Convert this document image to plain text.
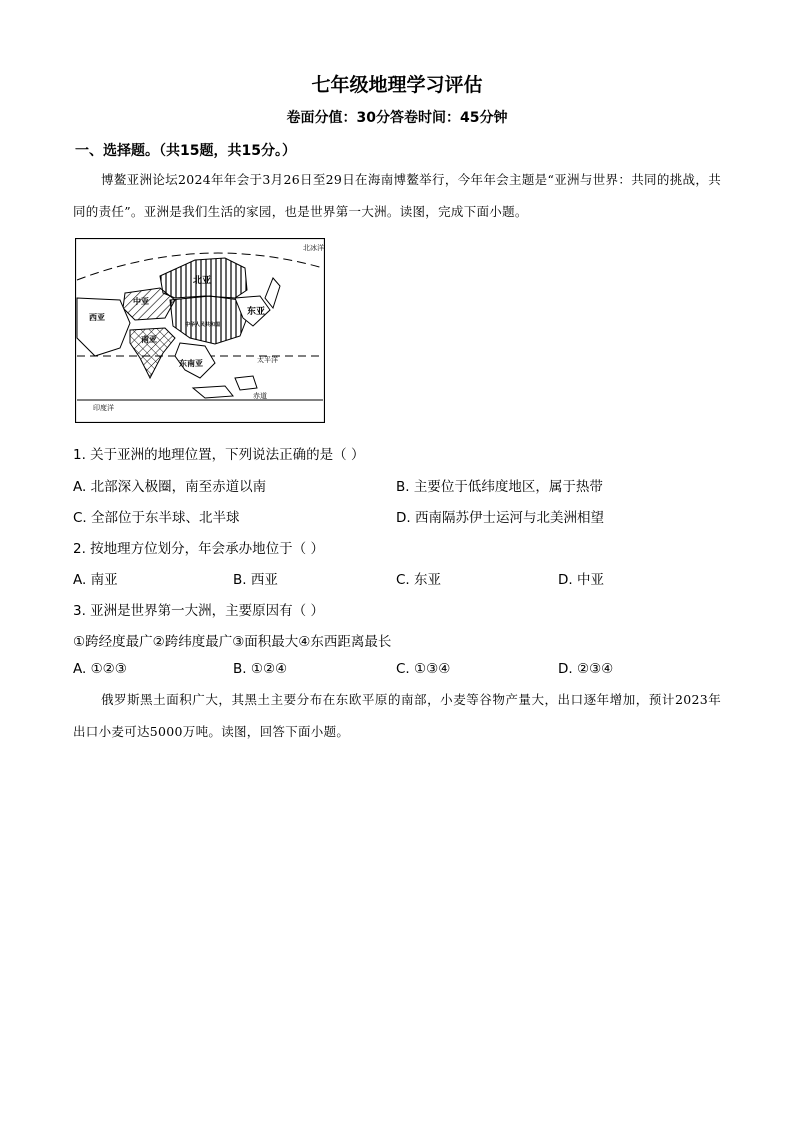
七年级地理学习评估
卷面分值：30分答卷时间：45分钟
一、选择题。（共15题，共15分。）
博鳌亚洲论坛2024年年会于3月26日至29日在海南博鳌举行，今年年会主题是“亚洲与世界：共同的挑战，共同的责任”。亚洲是我们生活的家园，也是世界第一大洲。读图，完成下面小题。
北冰洋
北亚
中亚
西亚
东亚
中华人民共和国
南亚
东南亚	太平洋
印度洋
赤道
1. 关于亚洲的地理位置，下列说法正确的是（ ）
A. 北部深入极圈，南至赤道以南	B. 主要位于低纬度地区，属于热带
C. 全部位于东半球、北半球	D. 西南隔苏伊士运河与北美洲相望
2. 按地理方位划分，年会承办地位于（ ）
A. 南亚	B. 西亚	C. 东亚	D. 中亚
3. 亚洲是世界第一大洲，主要原因有（ ）
①跨经度最广②跨纬度最广③面积最大④东西距离最长
A. ①②③	B. ①②④	C. ①③④	D. ②③④
俄罗斯黑土面积广大，其黑土主要分布在东欧平原的南部，小麦等谷物产量大，出口逐年增加，预计2023年出口小麦可达5000万吨。读图，回答下面小题。
